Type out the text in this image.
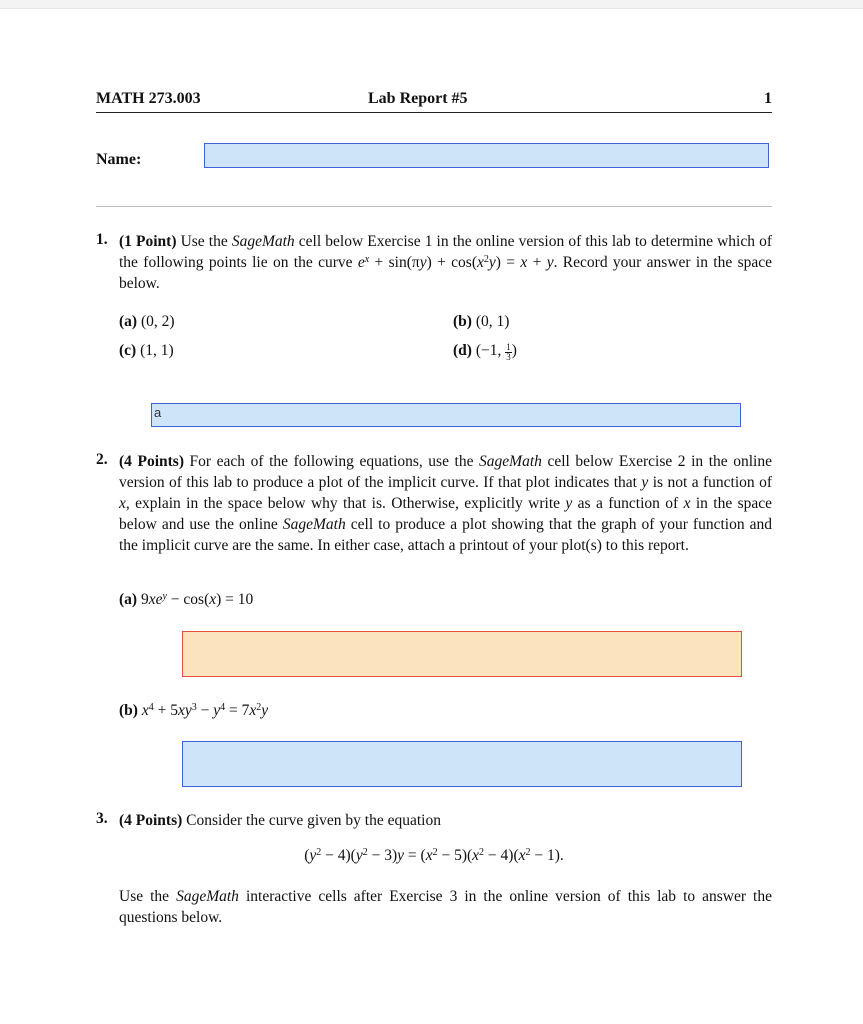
MATH 273.003	Lab Report #5	1
Name:
1. (1 Point) Use the SageMath cell below Exercise 1 in the online version of this lab to determine which of the following points lie on the curve $e^x + \sin(\pi y) + \cos(x^2y) = x + y$. Record your answer in the space below.
(a) (0, 2)	(b) (0, 1)
(c) (1, 1)	(d) (−1, $\frac{1}{3}$ )
a
2. (4 Points) For each of the following equations, use the SageMath cell below Exercise 2 in the online version of this lab to produce a plot of the implicit curve. If that plot indicates that y is not a function of x, explain in the space below why that is. Otherwise, explicitly write y as a function of x in the space below and use the online SageMath cell to produce a plot showing that the graph of your function and the implicit curve are the same. In either case, attach a printout of your plot(s) to this report.
(a) $9xe^y - \cos(x) = 10$
(b) $x^4 + 5xy^3 - y^4 = 7x^2y$
3. (4 Points) Consider the curve given by the equation
$(y^2 - 4)(y^2 - 3)y = (x^2 - 5)(x^2 - 4)(x^2 - 1)$.
Use the SageMath interactive cells after Exercise 3 in the online version of this lab to answer the questions below.
